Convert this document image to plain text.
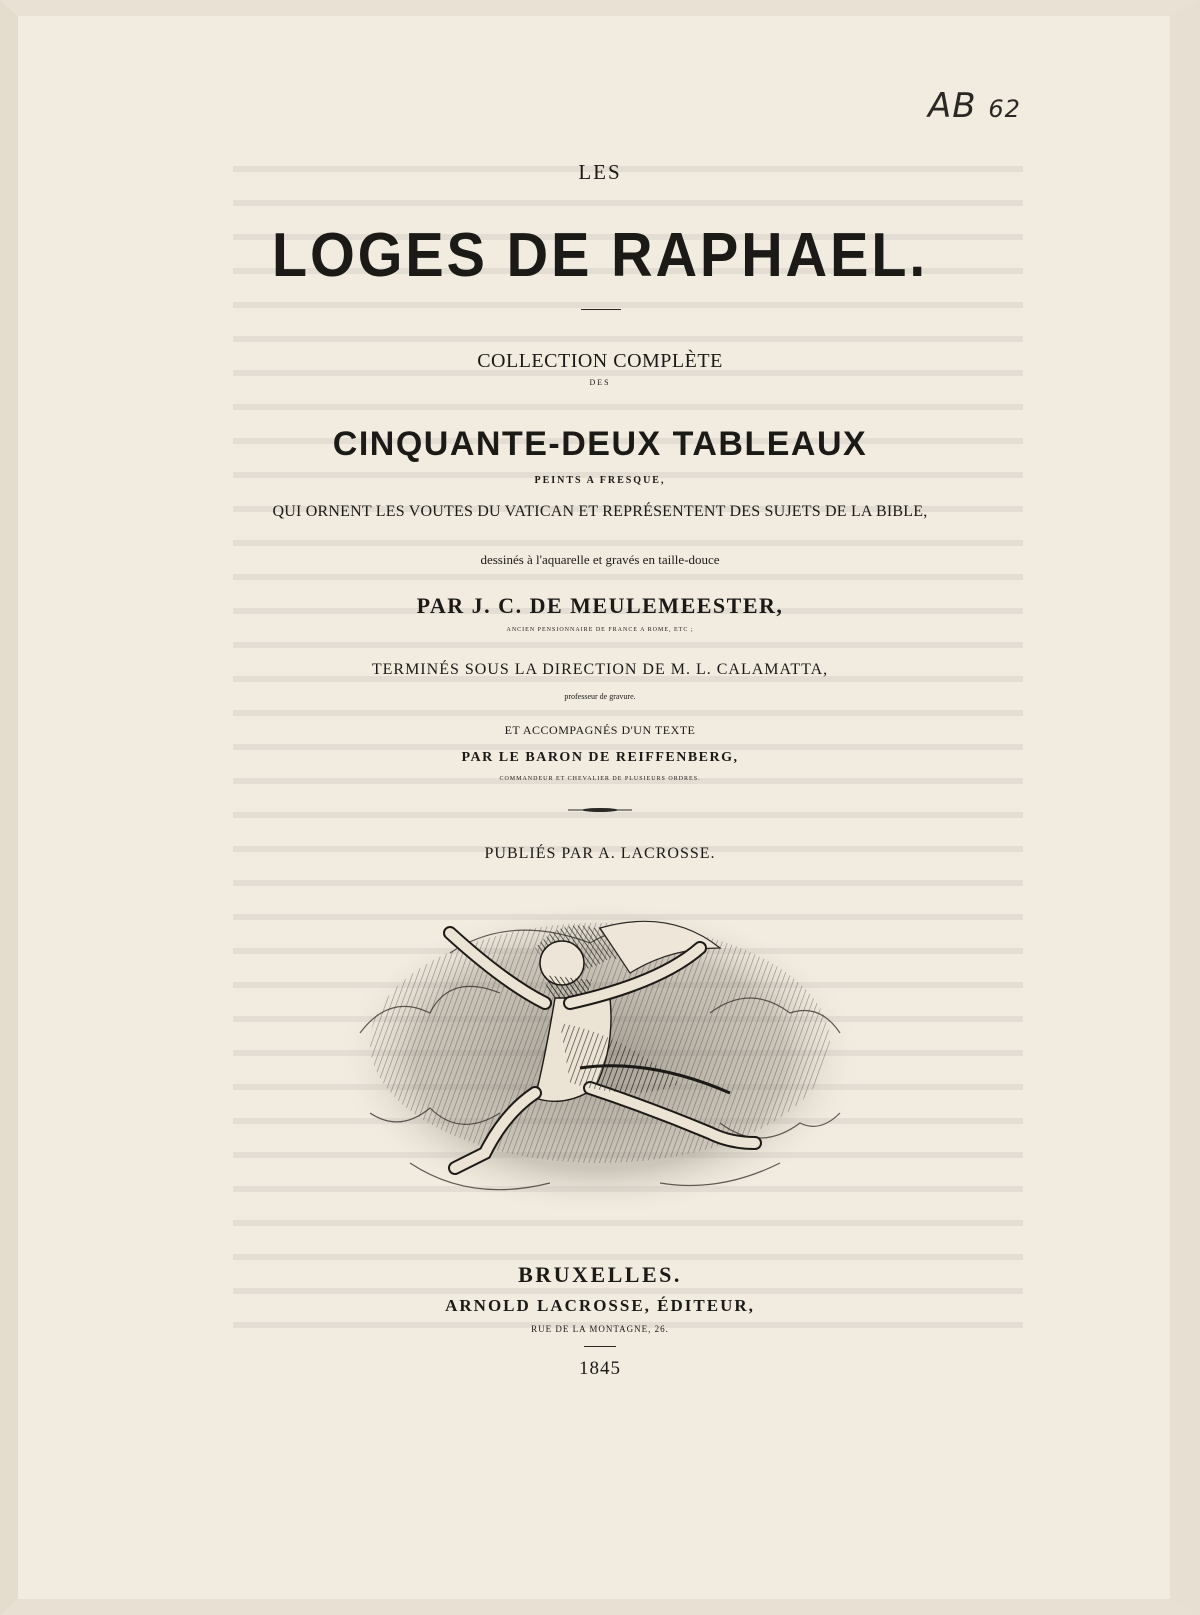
AB 62
LES
LOGES DE RAPHAEL.
COLLECTION COMPLÈTE
DES
CINQUANTE-DEUX TABLEAUX
PEINTS A FRESQUE,
QUI ORNENT LES VOUTES DU VATICAN ET REPRÉSENTENT DES SUJETS DE LA BIBLE,
dessinés à l'aquarelle et gravés en taille-douce
PAR J. C. DE MEULEMEESTER,
ANCIEN PENSIONNAIRE DE FRANCE A ROME, ETC ;
TERMINÉS SOUS LA DIRECTION DE M. L. CALAMATTA,
professeur de gravure.
ET ACCOMPAGNÉS D'UN TEXTE
PAR LE BARON DE REIFFENBERG,
COMMANDEUR ET CHEVALIER DE PLUSIEURS ORDRES.
PUBLIÉS PAR A. LACROSSE.
BRUXELLES.
ARNOLD LACROSSE, ÉDITEUR,
RUE DE LA MONTAGNE, 26.
1845
